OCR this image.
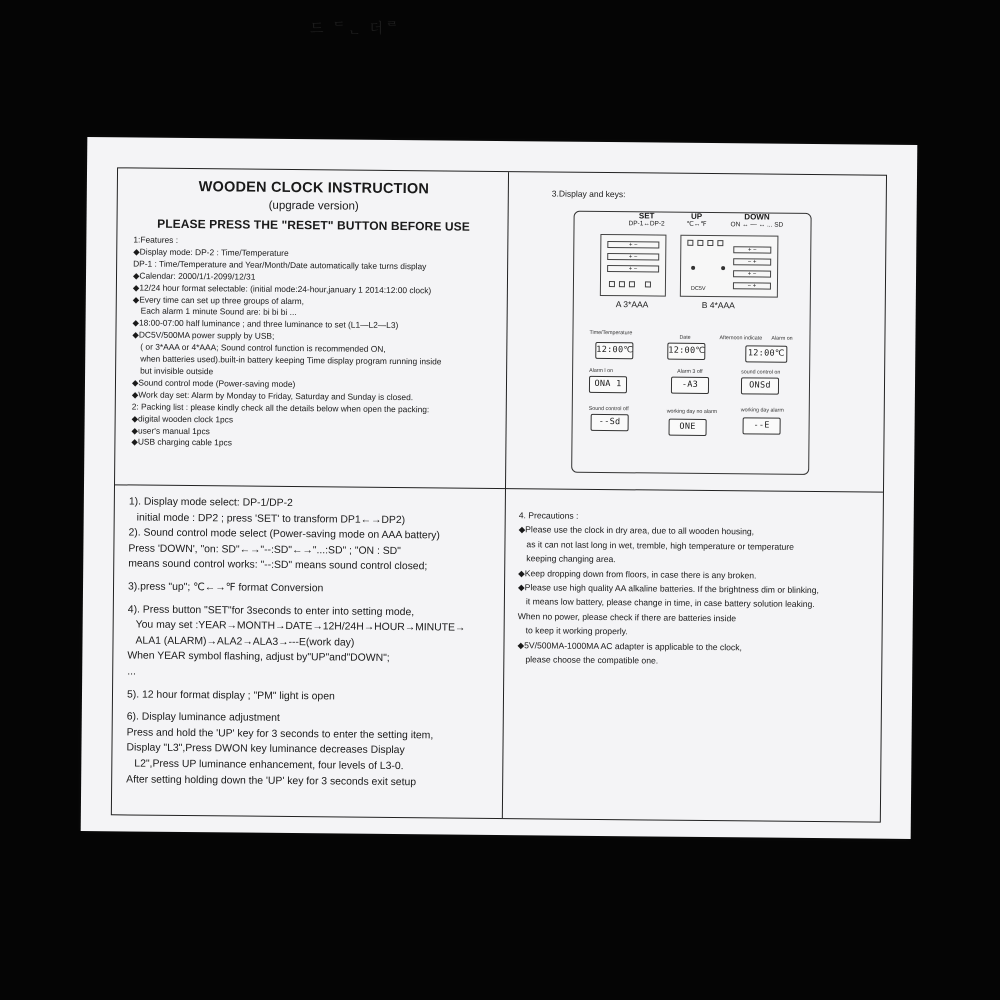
드 ᄃᆫ 더ᄅ
WOODEN CLOCK INSTRUCTION
(upgrade version)
PLEASE PRESS THE "RESET" BUTTON BEFORE USE
1:Features :
◆Display mode: DP-2 : Time/Temperature
DP-1 : Time/Temperature and Year/Month/Date automatically take turns display
◆Calendar: 2000/1/1-2099/12/31
◆12/24 hour format selectable: (initial mode:24-hour,january 1 2014:12:00 clock)
◆Every time can set up three groups of alarm,
Each alarm 1 minute Sound are: bi bi bi ...
◆18:00-07:00 half luminance ; and three luminance to set (L1—L2—L3)
◆DC5V/500MA power supply by USB;
( or 3*AAA or 4*AAA; Sound control function is recommended ON,
when batteries used).built-in battery keeping Time display program running inside
but invisible outside
◆Sound control mode (Power-saving mode)
◆Work day set: Alarm by Monday to Friday, Saturday and Sunday is closed.
2: Packing list : please kindly check all the details below when open the packing:
◆digital wooden clock 1pcs
◆user's manual 1pcs
◆USB charging cable 1pcs
3.Display and keys:
SET
DP-1↔DP-2
UP
℃↔℉
DOWN
ON ↔ — ↔ ... SD
+ −
+ −
+ −
A 3*AAA
+ −
− +
+ −
− +
DC5V
B 4*AAA
Time/Temperature
12:00℃
Date
12:00℃
Afternoon indicate Alarm on
12:00℃
Alarm l on
ONA 1
Alarm 3 off
-A3
sound control on
ONSd
Sound control off
--Sd
working day no alarm
ONE
working day alarm
--E
1). Display mode select: DP-1/DP-2
initial mode : DP2 ; press 'SET' to transform DP1←→DP2)
2). Sound control mode select (Power-saving mode on AAA battery)
Press 'DOWN', "on: SD"←→"--:SD"←→"...:SD" ; "ON : SD"
means sound control works: "--:SD" means sound control closed;
3).press "up"; ℃←→℉ format Conversion
4). Press button "SET"for 3seconds to enter into setting mode,
You may set :YEAR→MONTH→DATE→12H/24H→HOUR→MINUTE→
ALA1 (ALARM)→ALA2→ALA3→---E(work day)
When YEAR symbol flashing, adjust by"UP"and"DOWN";
...
5). 12 hour format display ; "PM" light is open
6). Display luminance adjustment
Press and hold the 'UP' key for 3 seconds to enter the setting item,
Display "L3",Press DWON key luminance decreases Display
L2",Press UP luminance enhancement, four levels of L3-0.
After setting holding down the 'UP' key for 3 seconds exit setup
4. Precautions :
◆Please use the clock in dry area, due to all wooden housing,
as it can not last long in wet, tremble, high temperature or temperature
keeping changing area.
◆Keep dropping down from floors, in case there is any broken.
◆Please use high quality AA alkaline batteries. If the brightness dim or blinking,
it means low battery, please change in time, in case battery solution leaking.
When no power, please check if there are batteries inside
to keep it working properly.
◆5V/500MA-1000MA AC adapter is applicable to the clock,
please choose the compatible one.
